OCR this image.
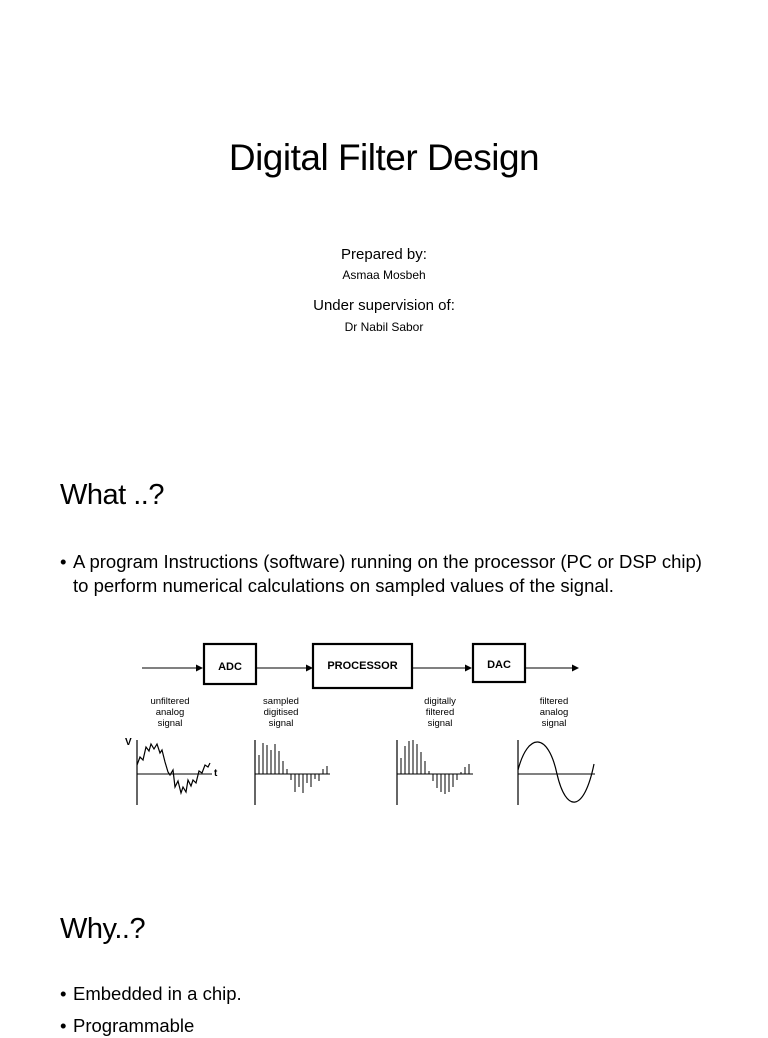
Digital Filter Design
Prepared by:
Asmaa Mosbeh
Under supervision of:
Dr Nabil Sabor
What ..?
• A program Instructions (software) running on the processor (PC or DSP chip) to perform numerical calculations on sampled values of the signal.
ADC	PROCESSOR	DAC
unfiltered
analog
signal
sampled
digitised
signal
digitally
filtered
signal
filtered
analog
signal
V
t
Why..?
• Embedded in a chip.
• Programmable
